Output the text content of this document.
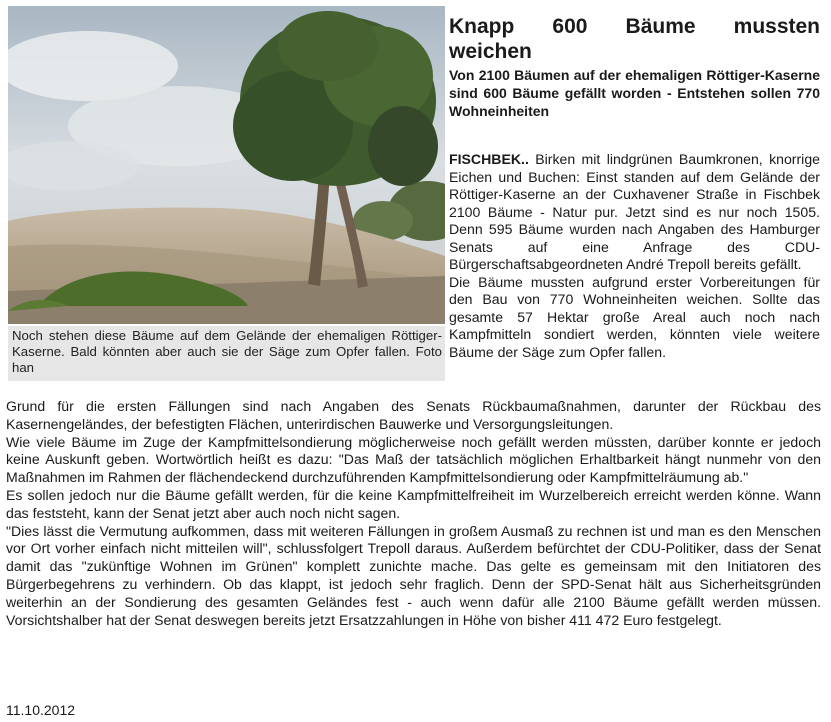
Noch stehen diese Bäume auf dem Gelände der ehemaligen Röttiger-Kaserne. Bald könnten aber auch sie der Säge zum Opfer fallen. Foto han
Knapp 600 Bäume mussten
weichen

Von 2100 Bäumen auf der ehemaligen Röttiger-Kaserne sind 600 Bäume gefällt worden - Entstehen sollen 770 Wohneinheiten

FISCHBEK.. Birken mit lindgrünen Baumkronen, knorrige Eichen und Buchen: Einst standen auf dem Gelände der Röttiger-Kaserne an der Cuxhavener Straße in Fischbek 2100 Bäume - Natur pur. Jetzt sind es nur noch 1505. Denn 595 Bäume wurden nach Angaben des Hamburger Senats auf eine Anfrage des CDU-Bürgerschaftsabgeordneten André Trepoll bereits gefällt.

Die Bäume mussten aufgrund erster Vorbereitungen für den Bau von 770 Wohneinheiten weichen. Sollte das gesamte 57 Hektar große Areal auch noch nach Kampfmitteln sondiert werden, könnten viele weitere Bäume der Säge zum Opfer fallen.

Grund für die ersten Fällungen sind nach Angaben des Senats Rückbaumaßnahmen, darunter der Rückbau des Kasernengeländes, der befestigten Flächen, unterirdischen Bauwerke und Versorgungsleitungen.

Wie viele Bäume im Zuge der Kampfmittelsondierung möglicherweise noch gefällt werden müssten, darüber konnte er jedoch keine Auskunft geben. Wortwörtlich heißt es dazu: "Das Maß der tatsächlich möglichen Erhaltbarkeit hängt nunmehr von den Maßnahmen im Rahmen der flächendeckend durchzuführenden Kampfmittelsondierung oder Kampfmittelräumung ab."

Es sollen jedoch nur die Bäume gefällt werden, für die keine Kampfmittelfreiheit im Wurzelbereich erreicht werden könne. Wann das feststeht, kann der Senat jetzt aber auch noch nicht sagen.

"Dies lässt die Vermutung aufkommen, dass mit weiteren Fällungen in großem Ausmaß zu rechnen ist und man es den Menschen vor Ort vorher einfach nicht mitteilen will", schlussfolgert Trepoll daraus. Außerdem befürchtet der CDU-Politiker, dass der Senat damit das "zukünftige Wohnen im Grünen" komplett zunichte mache. Das gelte es gemeinsam mit den Initiatoren des Bürgerbegehrens zu verhindern. Ob das klappt, ist jedoch sehr fraglich. Denn der SPD-Senat hält aus Sicherheitsgründen weiterhin an der Sondierung des gesamten Geländes fest - auch wenn dafür alle 2100 Bäume gefällt werden müssen. Vorsichtshalber hat der Senat deswegen bereits jetzt Ersatzzahlungen in Höhe von bisher 411 472 Euro festgelegt.

11.10.2012
